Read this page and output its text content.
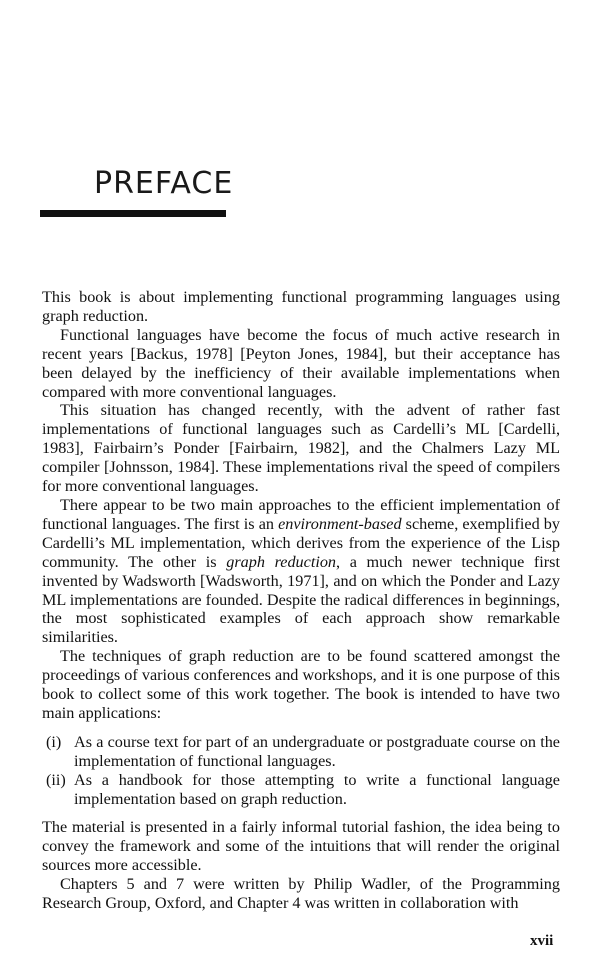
PREFACE

This book is about implementing functional programming languages using graph reduction.

Functional languages have become the focus of much active research in recent years [Backus, 1978] [Peyton Jones, 1984], but their acceptance has been delayed by the inefficiency of their available implementations when compared with more conventional languages.

This situation has changed recently, with the advent of rather fast implementations of functional languages such as Cardelli’s ML [Cardelli, 1983], Fairbairn’s Ponder [Fairbairn, 1982], and the Chalmers Lazy ML compiler [Johnsson, 1984]. These implementations rival the speed of compilers for more conventional languages.

There appear to be two main approaches to the efficient implementation of functional languages. The first is an environment-based scheme, exemplified by Cardelli’s ML implementation, which derives from the experience of the Lisp community. The other is graph reduction, a much newer technique first invented by Wadsworth [Wadsworth, 1971], and on which the Ponder and Lazy ML implementations are founded. Despite the radical differences in beginnings, the most sophisticated examples of each approach show remarkable similarities.

The techniques of graph reduction are to be found scattered amongst the proceedings of various conferences and workshops, and it is one purpose of this book to collect some of this work together. The book is intended to have two main applications:

(i) As a course text for part of an undergraduate or postgraduate course on the implementation of functional languages.
(ii) As a handbook for those attempting to write a functional language implementation based on graph reduction.

The material is presented in a fairly informal tutorial fashion, the idea being to convey the framework and some of the intuitions that will render the original sources more accessible.

Chapters 5 and 7 were written by Philip Wadler, of the Programming Research Group, Oxford, and Chapter 4 was written in collaboration with

xvii
